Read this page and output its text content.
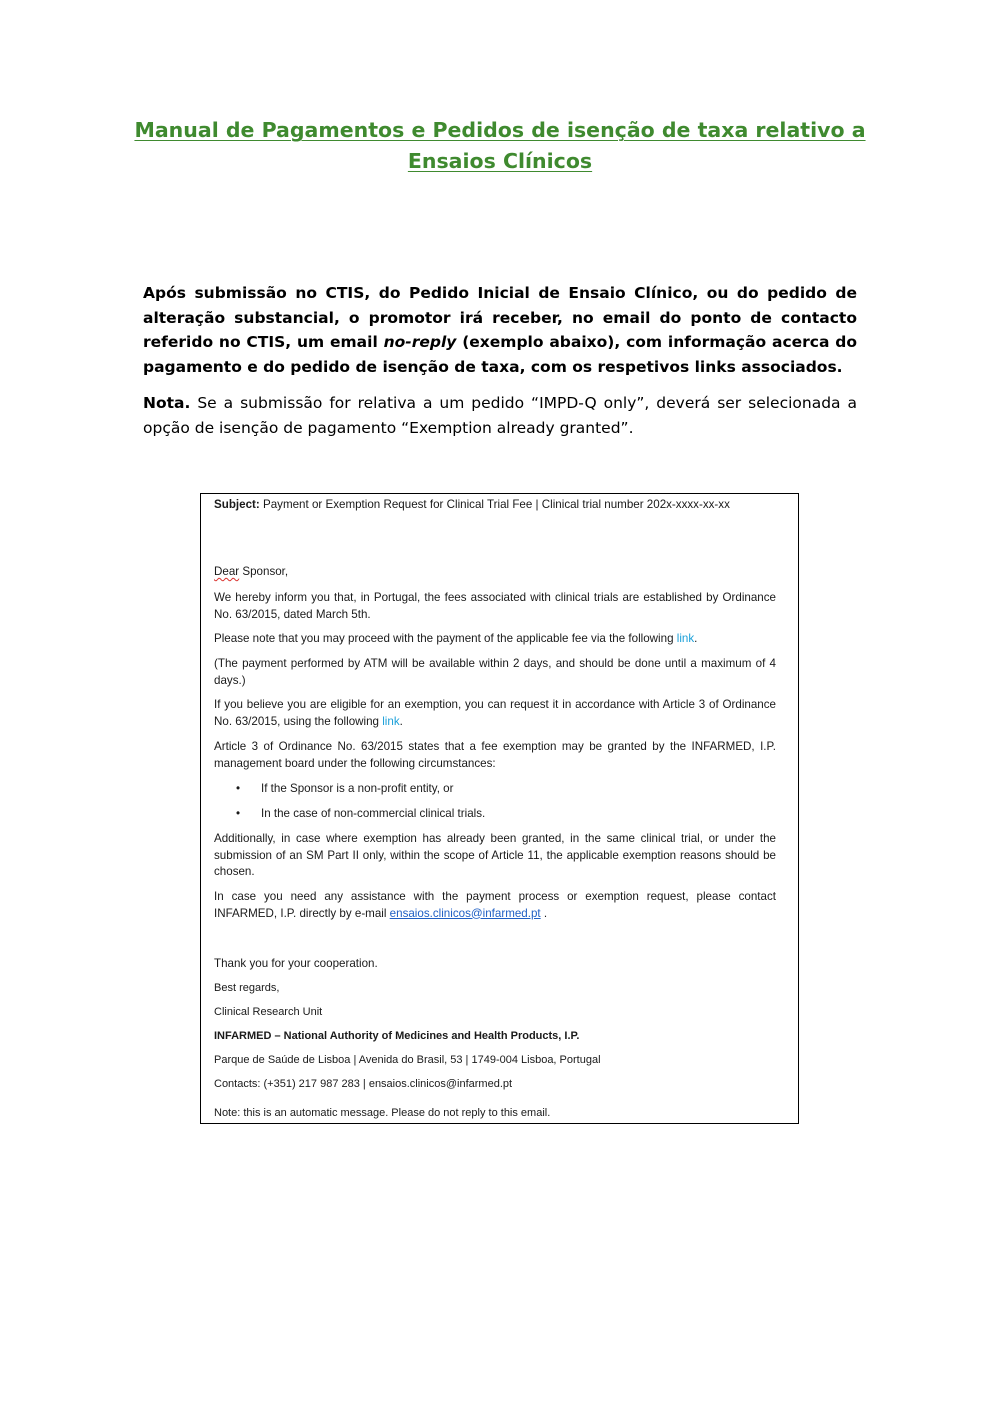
Manual de Pagamentos e Pedidos de isenção de taxa relativo a
Ensaios Clínicos

Após submissão no CTIS, do Pedido Inicial de Ensaio Clínico, ou do pedido de alteração substancial, o promotor irá receber, no email do ponto de contacto referido no CTIS, um email no-reply (exemplo abaixo), com informação acerca do pagamento e do pedido de isenção de taxa, com os respetivos links associados.

Nota. Se a submissão for relativa a um pedido “IMPD-Q only”, deverá ser selecionada a opção de isenção de pagamento “Exemption already granted”.

Subject: Payment or Exemption Request for Clinical Trial Fee | Clinical trial number 202x-xxxx-xx-xx

Dear Sponsor,

We hereby inform you that, in Portugal, the fees associated with clinical trials are established by Ordinance No. 63/2015, dated March 5th.

Please note that you may proceed with the payment of the applicable fee via the following link.

(The payment performed by ATM will be available within 2 days, and should be done until a maximum of 4 days.)

If you believe you are eligible for an exemption, you can request it in accordance with Article 3 of Ordinance No. 63/2015, using the following link.

Article 3 of Ordinance No. 63/2015 states that a fee exemption may be granted by the INFARMED, I.P. management board under the following circumstances:

• If the Sponsor is a non-profit entity, or

• In the case of non-commercial clinical trials.

Additionally, in case where exemption has already been granted, in the same clinical trial, or under the submission of an SM Part II only, within the scope of Article 11, the applicable exemption reasons should be chosen.

In case you need any assistance with the payment process or exemption request, please contact INFARMED, I.P. directly by e-mail ensaios.clinicos@infarmed.pt .

Thank you for your cooperation.

Best regards,

Clinical Research Unit

INFARMED – National Authority of Medicines and Health Products, I.P.

Parque de Saúde de Lisboa | Avenida do Brasil, 53 | 1749-004 Lisboa, Portugal

Contacts: (+351) 217 987 283 | ensaios.clinicos@infarmed.pt

Note: this is an automatic message. Please do not reply to this email.
